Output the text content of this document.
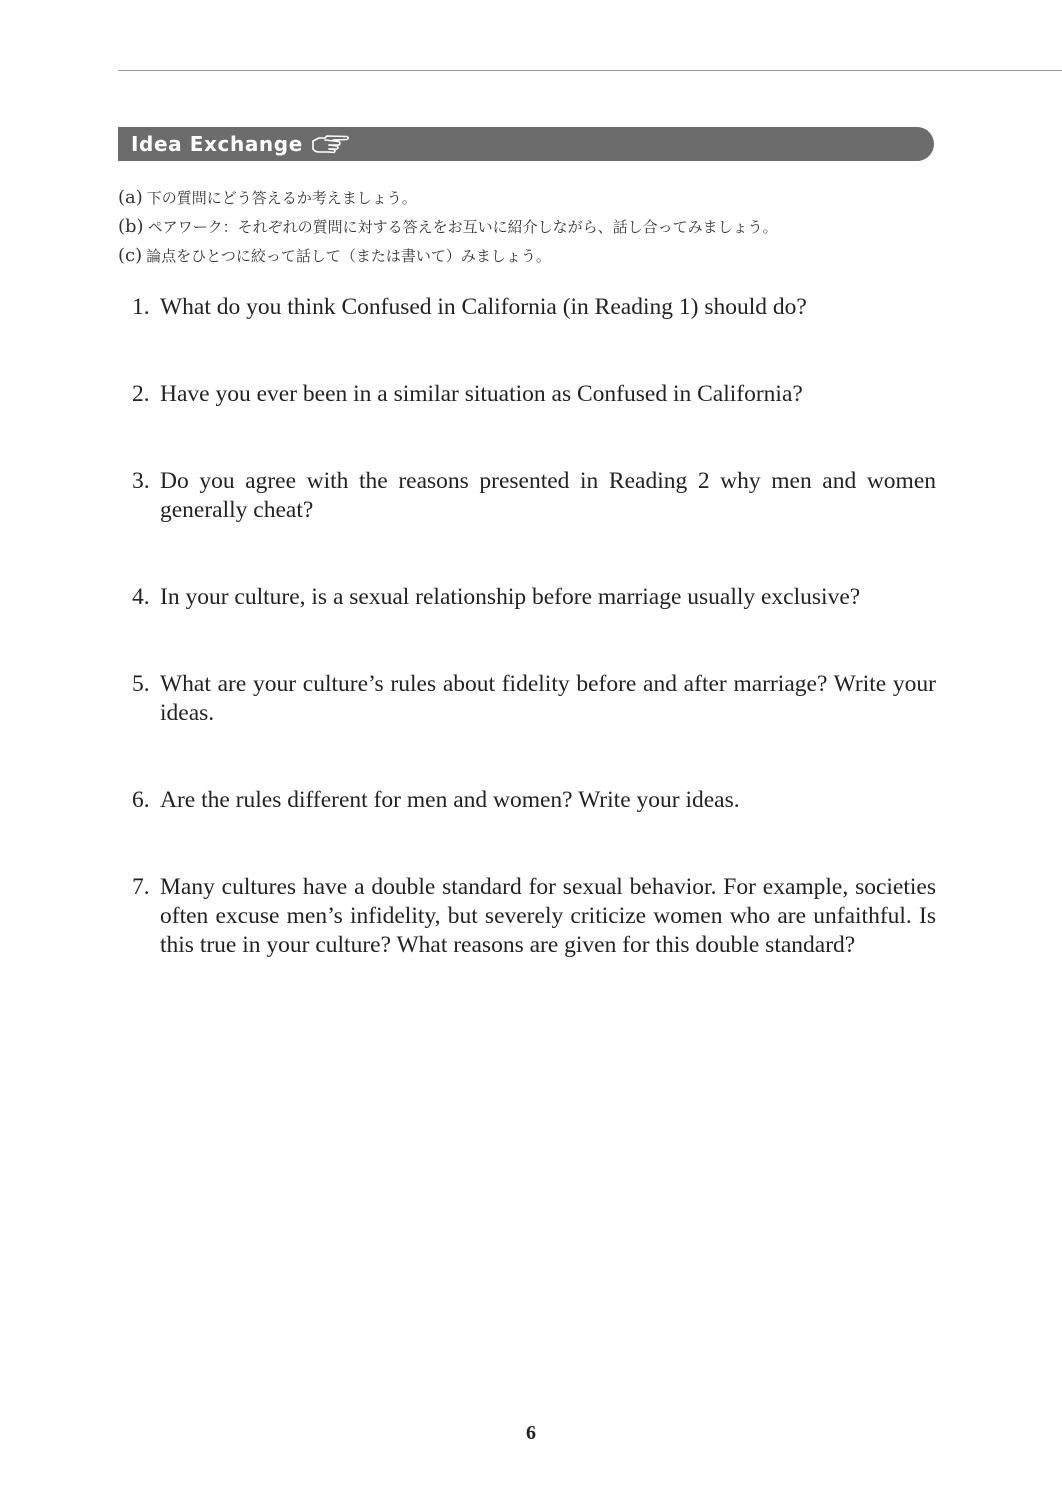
Idea Exchange
(a) 下の質問にどう答えるか考えましょう。
(b) ペアワーク：それぞれの質問に対する答えをお互いに紹介しながら、話し合ってみましょう。
(c) 論点をひとつに絞って話して（または書いて）みましょう。
1. What do you think Confused in California (in Reading 1) should do?
2. Have you ever been in a similar situation as Confused in California?
3. Do you agree with the reasons presented in Reading 2 why men and women generally cheat?
4. In your culture, is a sexual relationship before marriage usually exclusive?
5. What are your culture’s rules about fidelity before and after marriage? Write your ideas.
6. Are the rules different for men and women? Write your ideas.
7. Many cultures have a double standard for sexual behavior. For example, societies often excuse men’s infidelity, but severely criticize women who are unfaithful. Is this true in your culture? What reasons are given for this double standard?
6
